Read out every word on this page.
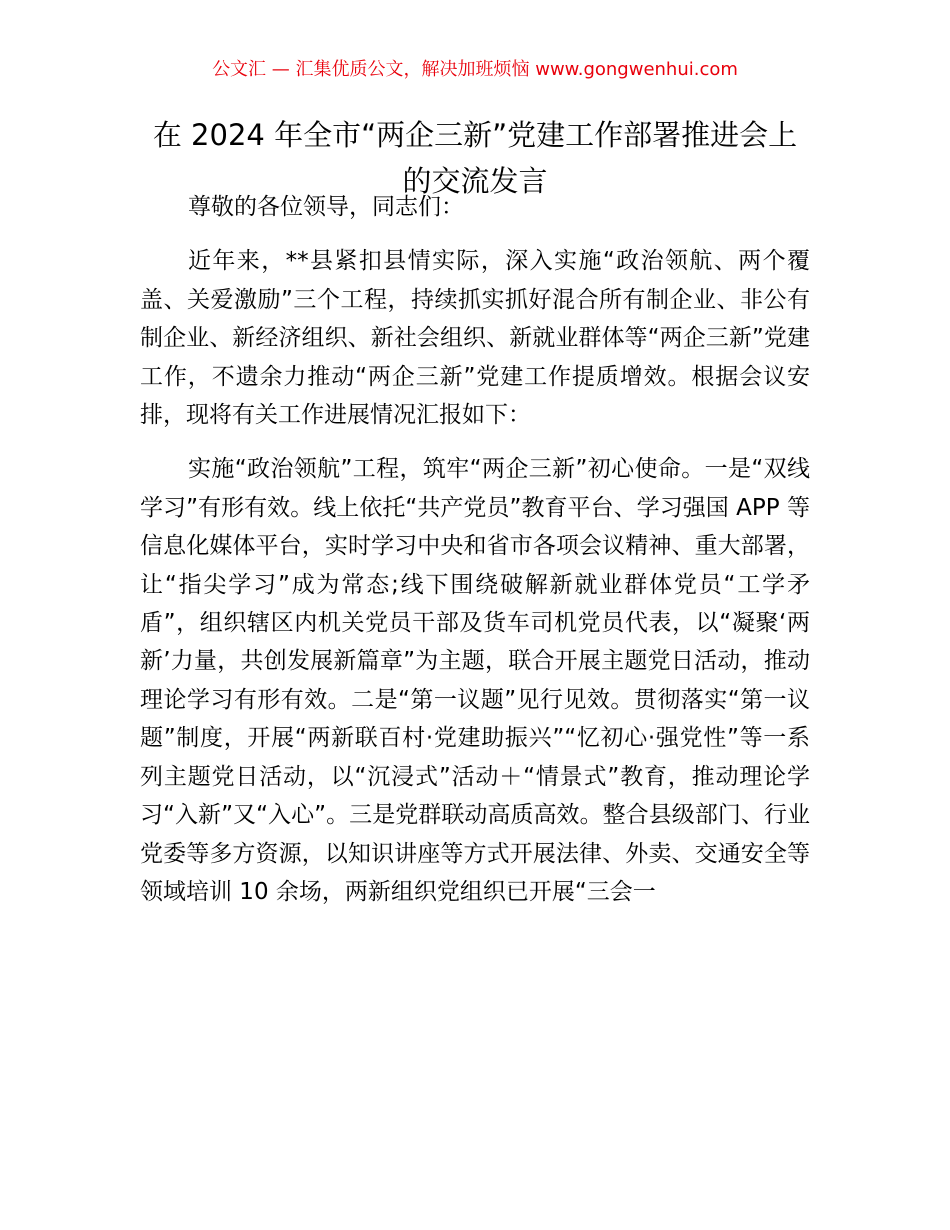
公文汇 — 汇集优质公文，解决加班烦恼 www.gongwenhui.com
在 2024 年全市“两企三新”党建工作部署推进会上的交流发言

尊敬的各位领导，同志们：

近年来，**县紧扣县情实际，深入实施“政治领航、两个覆盖、关爱激励”三个工程，持续抓实抓好混合所有制企业、非公有制企业、新经济组织、新社会组织、新就业群体等“两企三新”党建工作，不遗余力推动“两企三新”党建工作提质增效。根据会议安排，现将有关工作进展情况汇报如下：

实施“政治领航”工程，筑牢“两企三新”初心使命。一是“双线学习”有形有效。线上依托“共产党员”教育平台、学习强国 APP 等信息化媒体平台，实时学习中央和省市各项会议精神、重大部署，让“指尖学习”成为常态;线下围绕破解新就业群体党员“工学矛盾”，组织辖区内机关党员干部及货车司机党员代表，以“凝聚‘两新’力量，共创发展新篇章”为主题，联合开展主题党日活动，推动理论学习有形有效。二是“第一议题”见行见效。贯彻落实“第一议题”制度，开展“两新联百村·党建助振兴”“忆初心·强党性”等一系列主题党日活动，以“沉浸式”活动＋“情景式”教育，推动理论学习“入新”又“入心”。三是党群联动高质高效。整合县级部门、行业党委等多方资源，以知识讲座等方式开展法律、外卖、交通安全等领域培训 10 余场，两新组织党组织已开展“三会一
